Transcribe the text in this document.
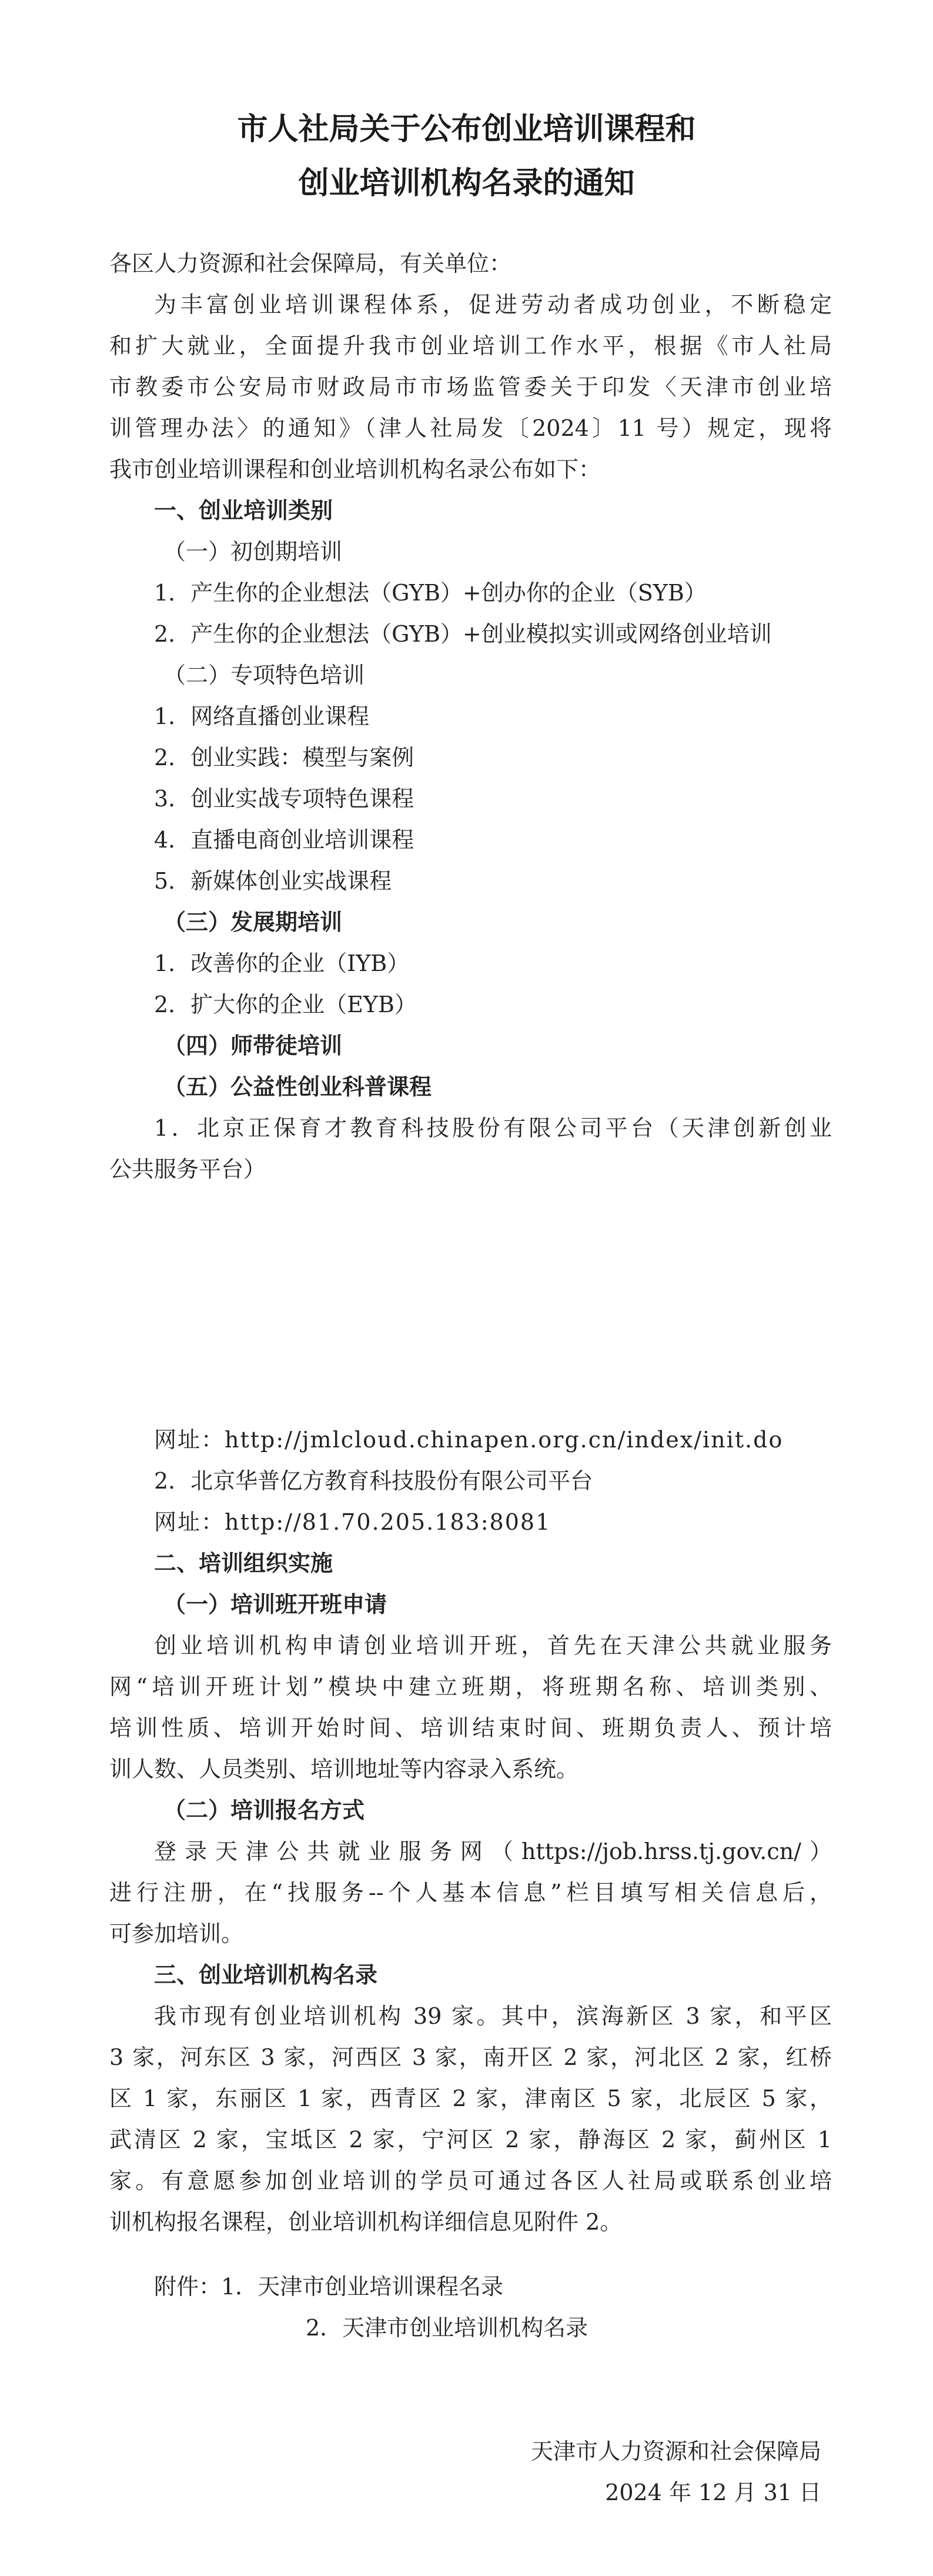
市人社局关于公布创业培训课程和
创业培训机构名录的通知

各区人力资源和社会保障局，有关单位：

为丰富创业培训课程体系，促进劳动者成功创业，不断稳定

和扩大就业，全面提升我市创业培训工作水平，根据《市人社局

市教委市公安局市财政局市市场监管委关于印发〈天津市创业培

训管理办法〉的通知》（津人社局发〔2024〕11 号）规定，现将

我市创业培训课程和创业培训机构名录公布如下：

一、创业培训类别

（一）初创期培训

1．产生你的企业想法（GYB）+创办你的企业（SYB）

2．产生你的企业想法（GYB）+创业模拟实训或网络创业培训

（二）专项特色培训

1．网络直播创业课程

2．创业实践：模型与案例

3．创业实战专项特色课程

4．直播电商创业培训课程

5．新媒体创业实战课程

（三）发展期培训

1．改善你的企业（IYB）

2．扩大你的企业（EYB）

（四）师带徒培训

（五）公益性创业科普课程

1．北京正保育才教育科技股份有限公司平台（天津创新创业

公共服务平台）

网址：http://jmlcloud.chinapen.org.cn/index/init.do

2．北京华普亿方教育科技股份有限公司平台

网址：http://81.70.205.183:8081

二、培训组织实施

（一）培训班开班申请

创业培训机构申请创业培训开班，首先在天津公共就业服务

网“培训开班计划”模块中建立班期，将班期名称、培训类别、

培训性质、培训开始时间、培训结束时间、班期负责人、预计培

训人数、人员类别、培训地址等内容录入系统。

（二）培训报名方式

登录天津公共就业服务网（https://job.hrss.tj.gov.cn/）

进行注册，在“找服务--个人基本信息”栏目填写相关信息后，

可参加培训。

三、创业培训机构名录

我市现有创业培训机构 39 家。其中，滨海新区 3 家，和平区

3 家，河东区 3 家，河西区 3 家，南开区 2 家，河北区 2 家，红桥

区 1 家，东丽区 1 家，西青区 2 家，津南区 5 家，北辰区 5 家，

武清区 2 家，宝坻区 2 家，宁河区 2 家，静海区 2 家，蓟州区 1

家。有意愿参加创业培训的学员可通过各区人社局或联系创业培

训机构报名课程，创业培训机构详细信息见附件 2。

附件：1．天津市创业培训课程名录

2．天津市创业培训机构名录

天津市人力资源和社会保障局

2024 年 12 月 31 日
